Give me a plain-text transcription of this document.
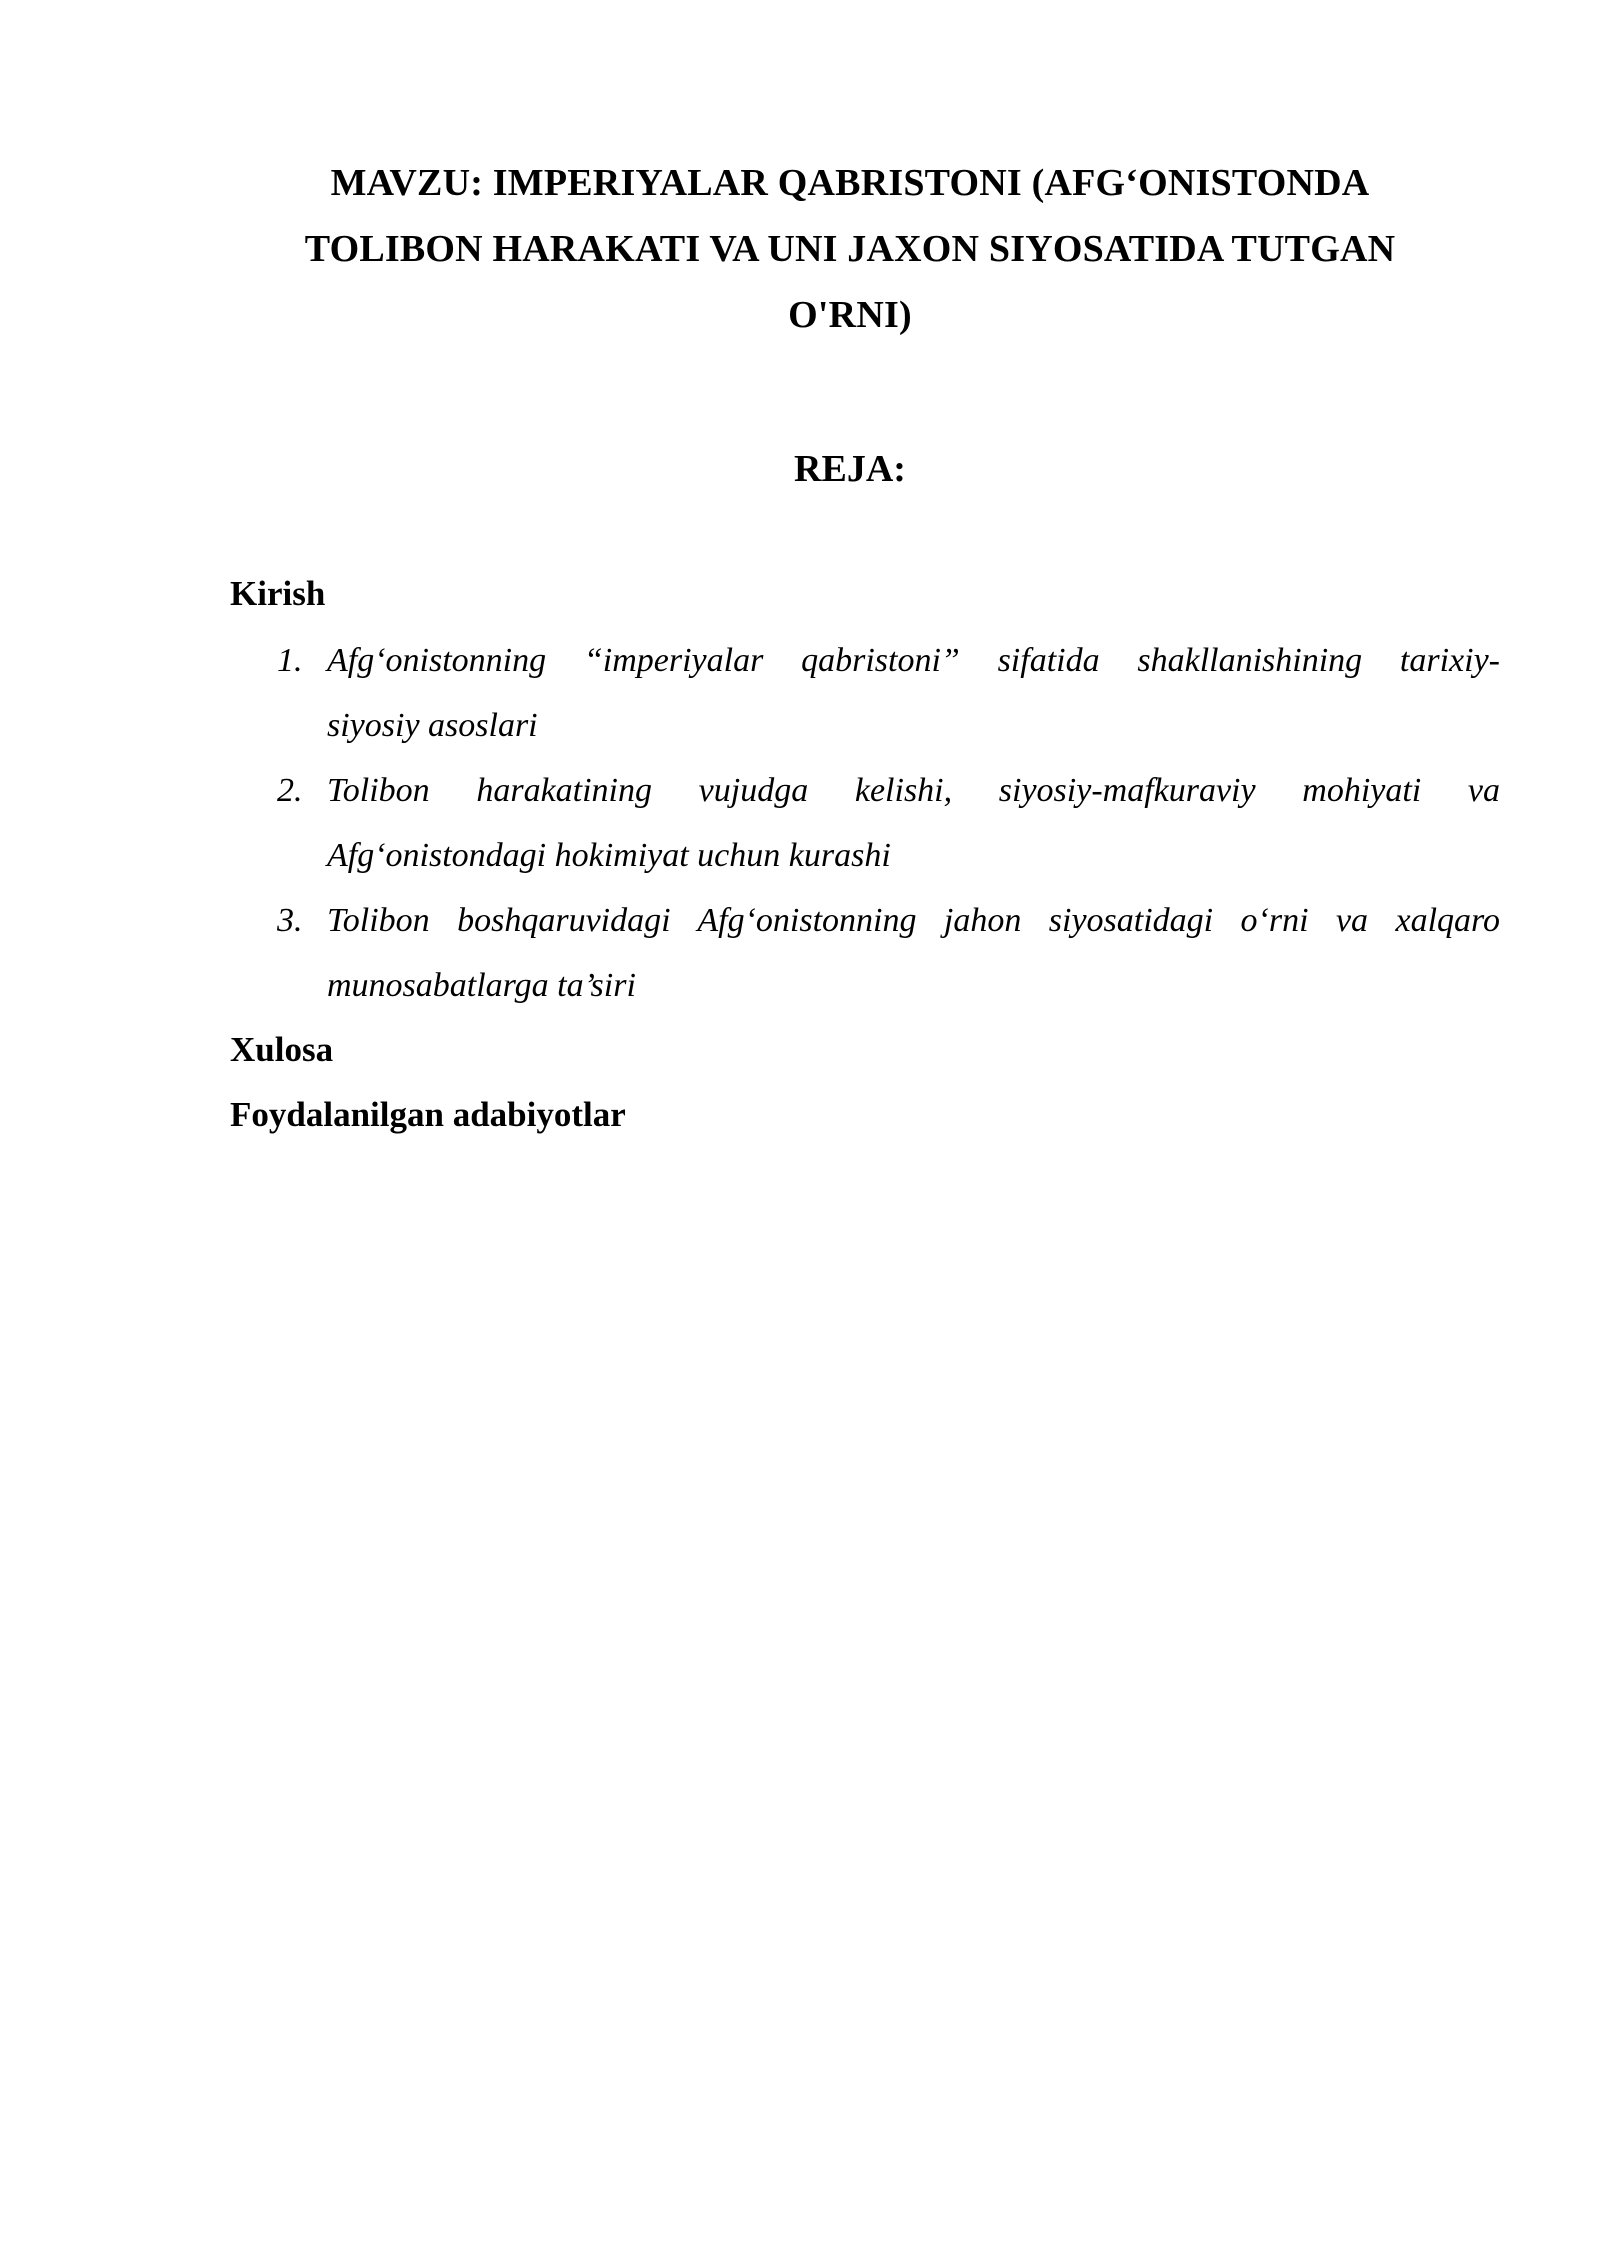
MAVZU: IMPERIYALAR QABRISTONI (AFG‘ONISTONDA
TOLIBON HARAKATI VA UNI JAXON SIYOSATIDA TUTGAN
O'RNI)
REJA:

Kirish

1. Afg‘onistonning “imperiyalar qabristoni” sifatida shakllanishining tarixiy-
siyosiy asoslari
2. Tolibon harakatining vujudga kelishi, siyosiy-mafkuraviy mohiyati va
Afg‘onistondagi hokimiyat uchun kurashi
3. Tolibon boshqaruvidagi Afg‘onistonning jahon siyosatidagi o‘rni va xalqaro
munosabatlarga ta’siri

Xulosa

Foydalanilgan adabiyotlar
